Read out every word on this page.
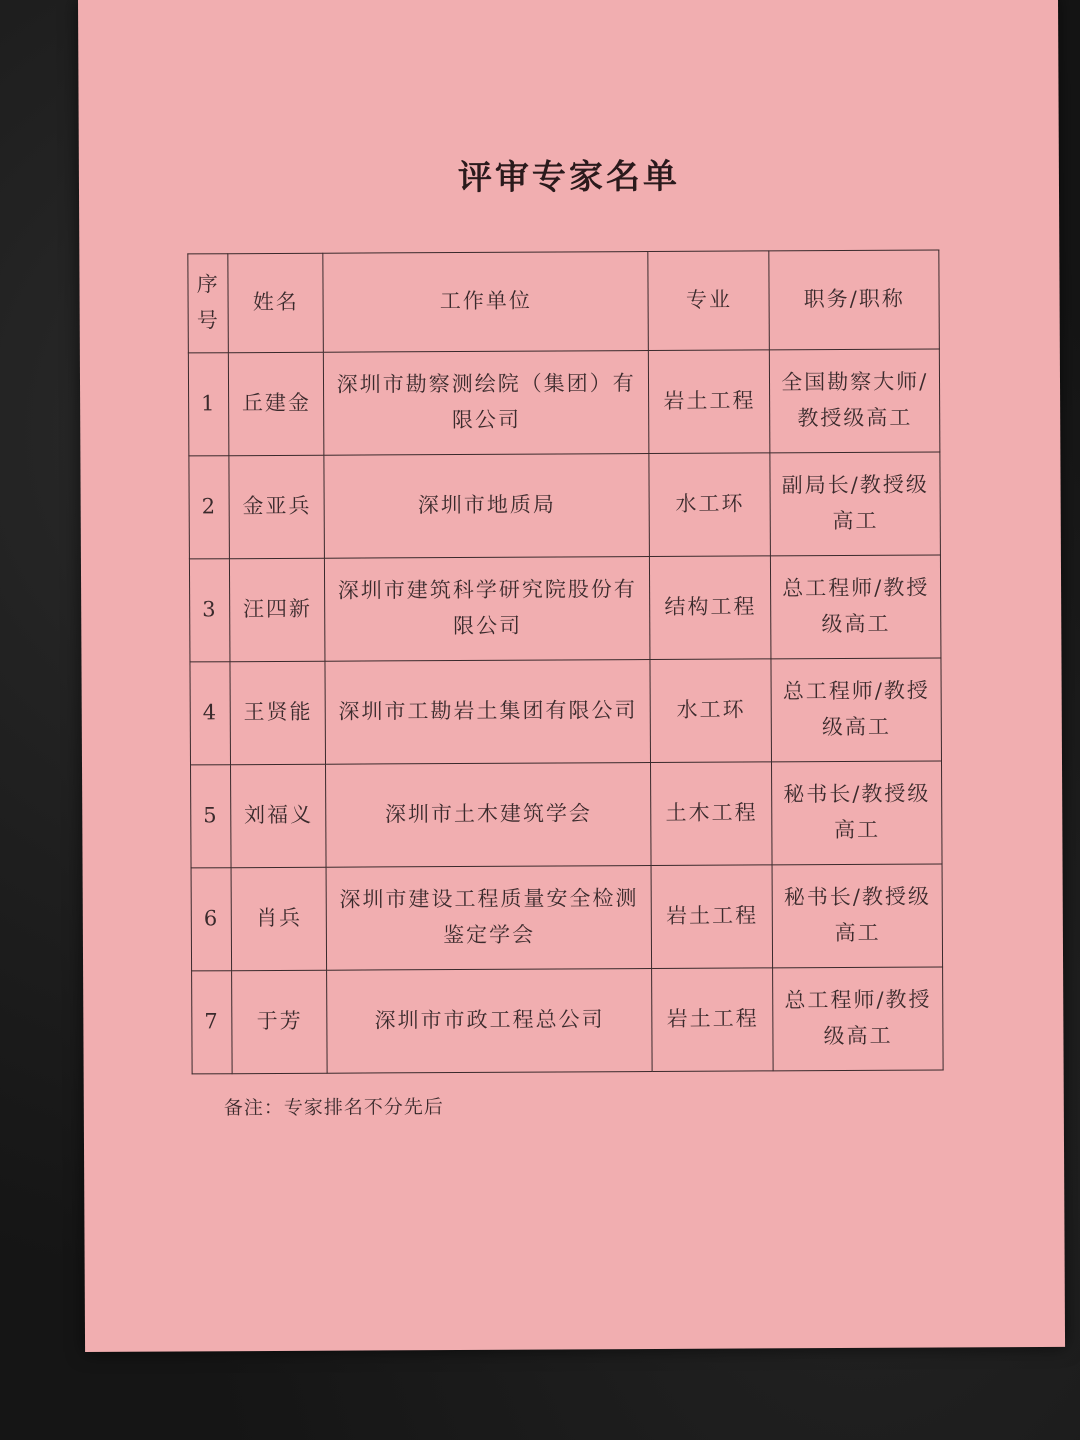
评审专家名单
序号	姓名	工作单位	专业	职务/职称
1	丘建金	深圳市勘察测绘院（集团）有限公司	岩土工程	全国勘察大师/教授级高工
2	金亚兵	深圳市地质局	水工环	副局长/教授级高工
3	汪四新	深圳市建筑科学研究院股份有限公司	结构工程	总工程师/教授级高工
4	王贤能	深圳市工勘岩土集团有限公司	水工环	总工程师/教授级高工
5	刘福义	深圳市土木建筑学会	土木工程	秘书长/教授级高工
6	肖兵	深圳市建设工程质量安全检测鉴定学会	岩土工程	秘书长/教授级高工
7	于芳	深圳市市政工程总公司	岩土工程	总工程师/教授级高工
备注：专家排名不分先后
